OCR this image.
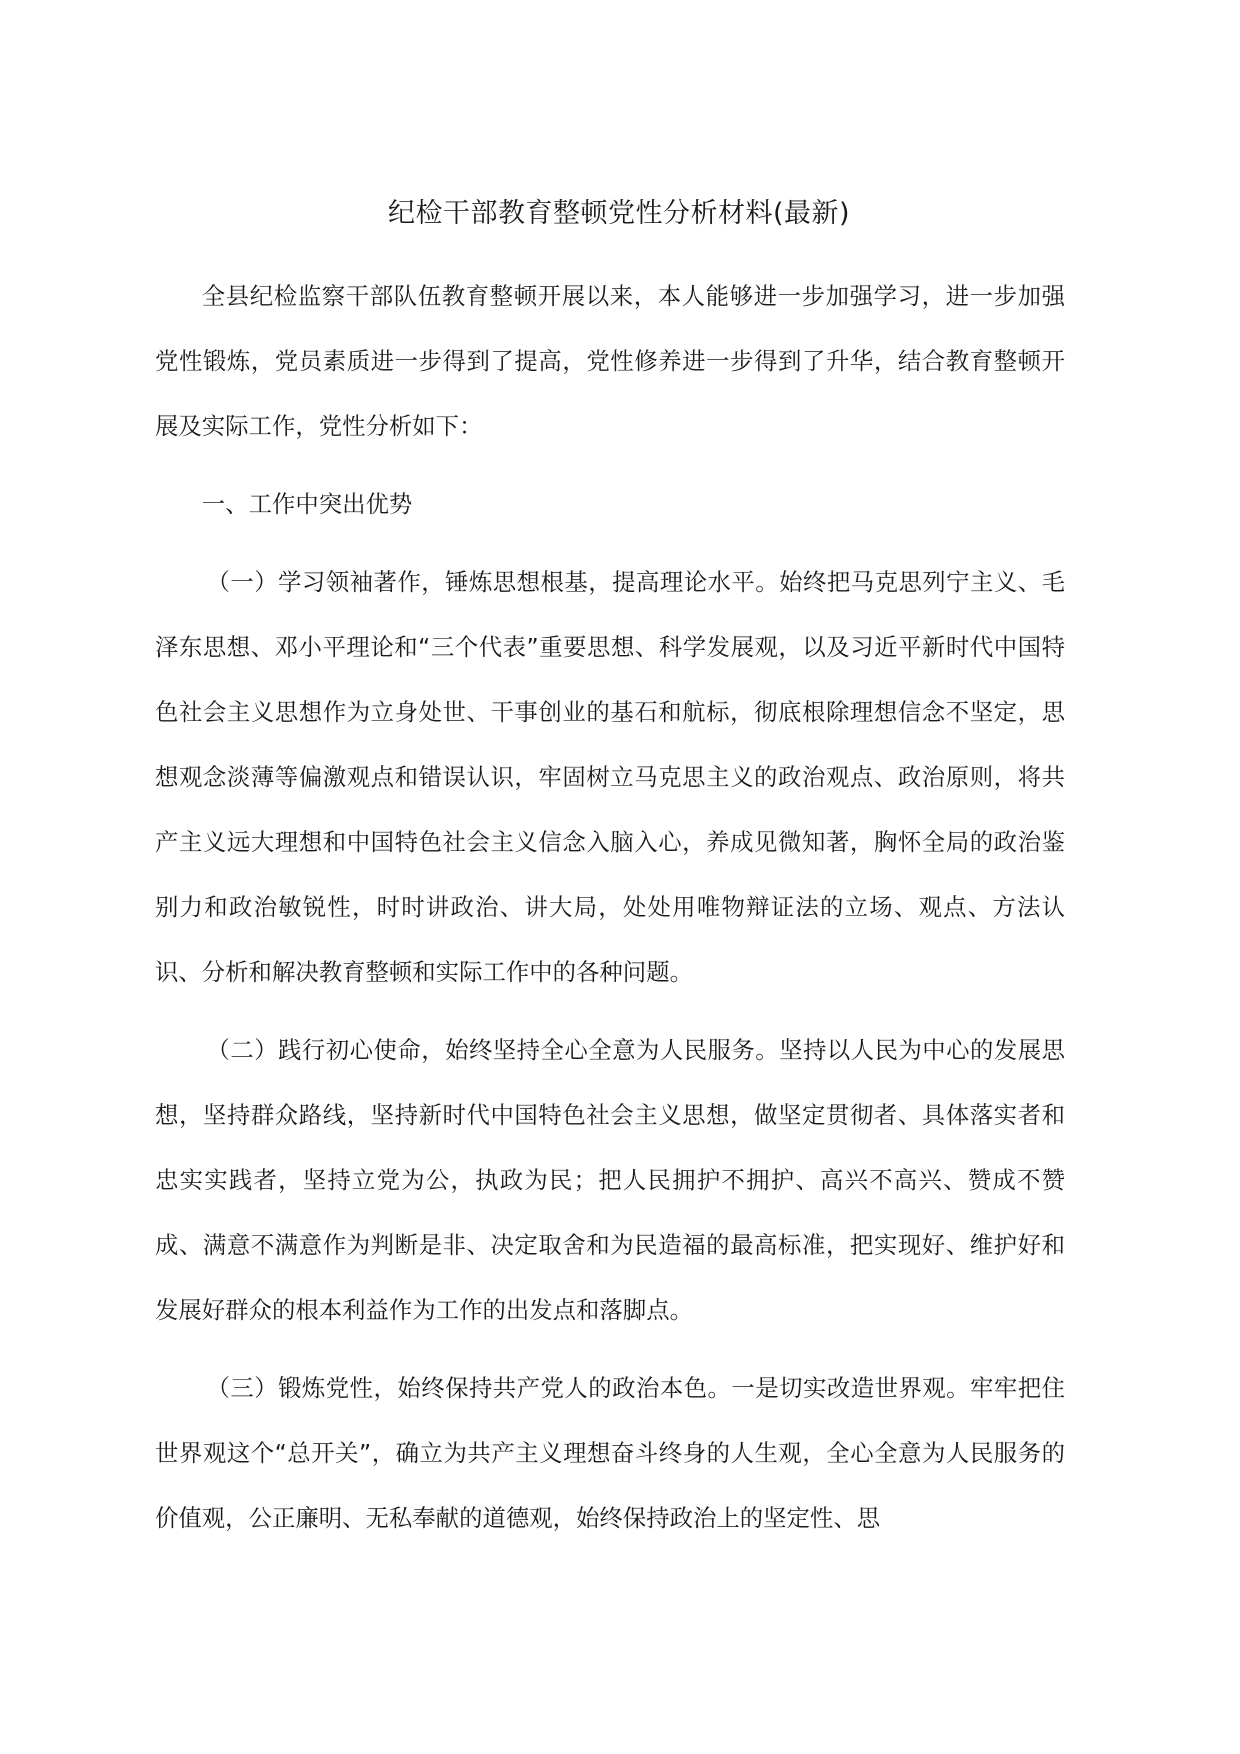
纪检干部教育整顿党性分析材料(最新)

全县纪检监察干部队伍教育整顿开展以来，本人能够进一步加强学习，进一步加强党性锻炼，党员素质进一步得到了提高，党性修养进一步得到了升华，结合教育整顿开展及实际工作，党性分析如下：

一、工作中突出优势

（一）学习领袖著作，锤炼思想根基，提高理论水平。始终把马克思列宁主义、毛泽东思想、邓小平理论和“三个代表”重要思想、科学发展观，以及习近平新时代中国特色社会主义思想作为立身处世、干事创业的基石和航标，彻底根除理想信念不坚定，思想观念淡薄等偏激观点和错误认识，牢固树立马克思主义的政治观点、政治原则，将共产主义远大理想和中国特色社会主义信念入脑入心，养成见微知著，胸怀全局的政治鉴别力和政治敏锐性，时时讲政治、讲大局，处处用唯物辩证法的立场、观点、方法认识、分析和解决教育整顿和实际工作中的各种问题。

（二）践行初心使命，始终坚持全心全意为人民服务。坚持以人民为中心的发展思想，坚持群众路线，坚持新时代中国特色社会主义思想，做坚定贯彻者、具体落实者和忠实实践者，坚持立党为公，执政为民；把人民拥护不拥护、高兴不高兴、赞成不赞成、满意不满意作为判断是非、决定取舍和为民造福的最高标准，把实现好、维护好和发展好群众的根本利益作为工作的出发点和落脚点。

（三）锻炼党性，始终保持共产党人的政治本色。一是切实改造世界观。牢牢把住世界观这个“总开关”，确立为共产主义理想奋斗终身的人生观，全心全意为人民服务的价值观，公正廉明、无私奉献的道德观，始终保持政治上的坚定性、思
